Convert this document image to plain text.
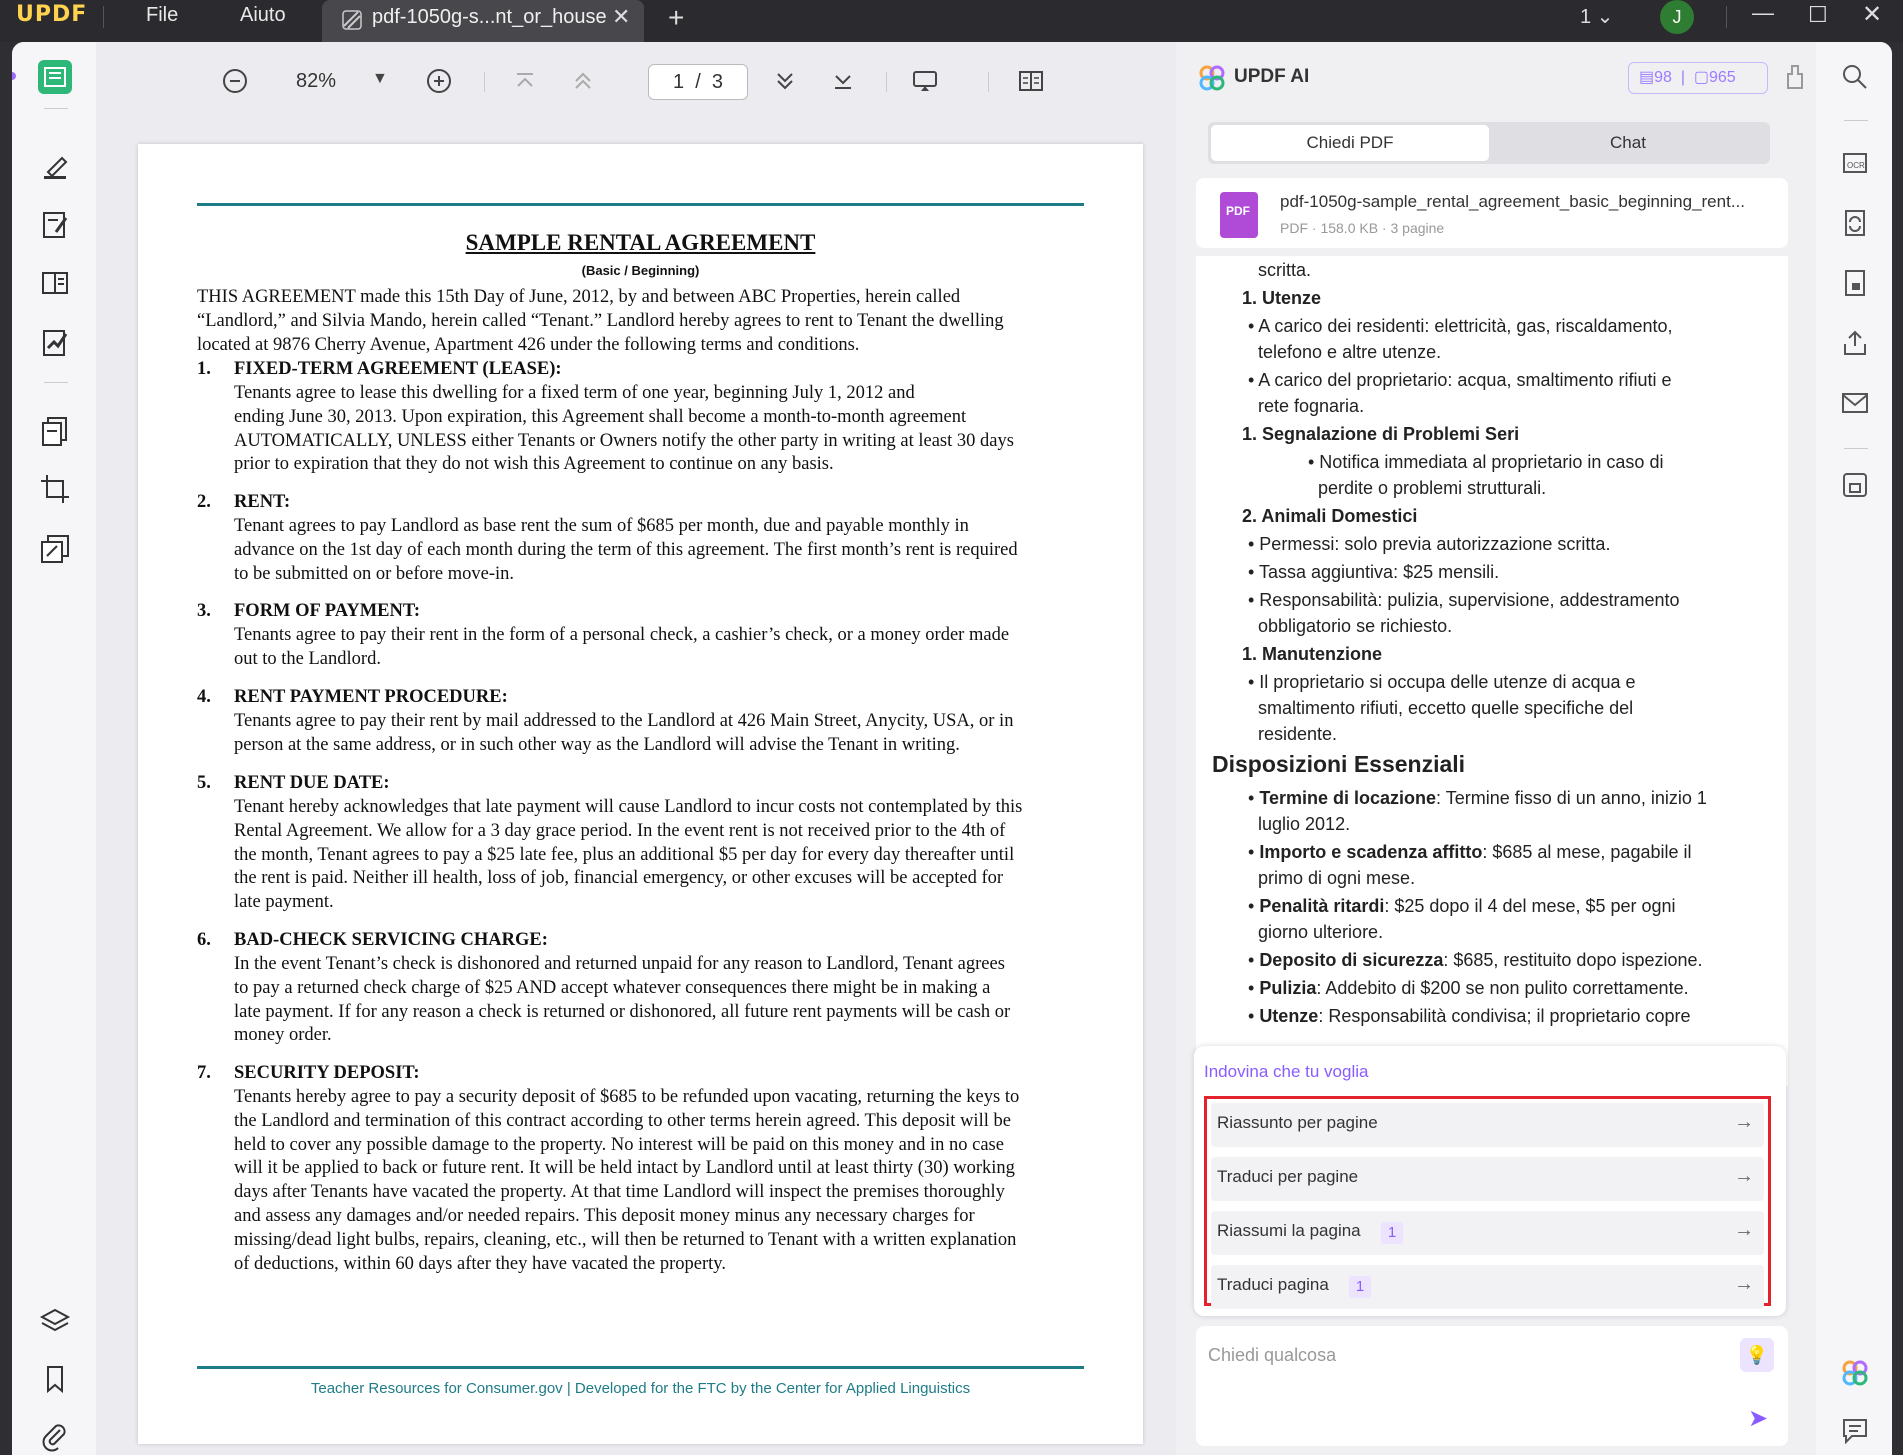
UPDF	File	Aiuto	pdf-1050g-s...nt_or_house ✕ +	1 ⌄	J	— ☐ ✕
82% ▼	1 / 3
SAMPLE RENTAL AGREEMENT
(Basic / Beginning)
THIS AGREEMENT made this 15th Day of June, 2012, by and between ABC Properties, herein called
“Landlord,” and Silvia Mando, herein called “Tenant.” Landlord hereby agrees to rent to Tenant the dwelling
located at 9876 Cherry Avenue, Apartment 426 under the following terms and conditions.
1. FIXED-TERM AGREEMENT (LEASE):
Tenants agree to lease this dwelling for a fixed term of one year, beginning July 1, 2012 and
ending June 30, 2013. Upon expiration, this Agreement shall become a month-to-month agreement
AUTOMATICALLY, UNLESS either Tenants or Owners notify the other party in writing at least 30 days
prior to expiration that they do not wish this Agreement to continue on any basis.
2. RENT:
Tenant agrees to pay Landlord as base rent the sum of $685 per month, due and payable monthly in
advance on the 1st day of each month during the term of this agreement. The first month’s rent is required
to be submitted on or before move-in.
3. FORM OF PAYMENT:
Tenants agree to pay their rent in the form of a personal check, a cashier’s check, or a money order made
out to the Landlord.
4. RENT PAYMENT PROCEDURE:
Tenants agree to pay their rent by mail addressed to the Landlord at 426 Main Street, Anycity, USA, or in
person at the same address, or in such other way as the Landlord will advise the Tenant in writing.
5. RENT DUE DATE:
Tenant hereby acknowledges that late payment will cause Landlord to incur costs not contemplated by this
Rental Agreement. We allow for a 3 day grace period. In the event rent is not received prior to the 4th of
the month, Tenant agrees to pay a $25 late fee, plus an additional $5 per day for every day thereafter until
the rent is paid. Neither ill health, loss of job, financial emergency, or other excuses will be accepted for
late payment.
6. BAD-CHECK SERVICING CHARGE:
In the event Tenant’s check is dishonored and returned unpaid for any reason to Landlord, Tenant agrees
to pay a returned check charge of $25 AND accept whatever consequences there might be in making a
late payment. If for any reason a check is returned or dishonored, all future rent payments will be cash or
money order.
7. SECURITY DEPOSIT:
Tenants hereby agree to pay a security deposit of $685 to be refunded upon vacating, returning the keys to
the Landlord and termination of this contract according to other terms herein agreed. This deposit will be
held to cover any possible damage to the property. No interest will be paid on this money and in no case
will it be applied to back or future rent. It will be held intact by Landlord until at least thirty (30) working
days after Tenants have vacated the property. At that time Landlord will inspect the premises thoroughly
and assess any damages and/or needed repairs. This deposit money minus any necessary charges for
missing/dead light bulbs, repairs, cleaning, etc., will then be returned to Tenant with a written explanation
of deductions, within 60 days after they have vacated the property.
Teacher Resources for Consumer.gov | Developed for the FTC by the Center for Applied Linguistics
UPDF AI	▤98  |  ▢965
Chiedi PDF	Chat
PDF pdf-1050g-sample_rental_agreement_basic_beginning_rent...
PDF · 158.0 KB · 3 pagine
scritta.
1. Utenze
• A carico dei residenti: elettricità, gas, riscaldamento,
telefono e altre utenze.
• A carico del proprietario: acqua, smaltimento rifiuti e
rete fognaria.
1. Segnalazione di Problemi Seri
• Notifica immediata al proprietario in caso di
perdite o problemi strutturali.
2. Animali Domestici
• Permessi: solo previa autorizzazione scritta.
• Tassa aggiuntiva: $25 mensili.
• Responsabilità: pulizia, supervisione, addestramento
obbligatorio se richiesto.
1. Manutenzione
• Il proprietario si occupa delle utenze di acqua e
smaltimento rifiuti, eccetto quelle specifiche del
residente.
Disposizioni Essenziali
• Termine di locazione: Termine fisso di un anno, inizio 1
luglio 2012.
• Importo e scadenza affitto: $685 al mese, pagabile il
primo di ogni mese.
• Penalità ritardi: $25 dopo il 4 del mese, $5 per ogni
giorno ulteriore.
• Deposito di sicurezza: $685, restituito dopo ispezione.
• Pulizia: Addebito di $200 se non pulito correttamente.
• Utenze: Responsabilità condivisa; il proprietario copre
Indovina che tu voglia
Riassunto per pagine	→
Traduci per pagine	→
Riassumi la pagina	1	→
Traduci pagina	1	→
Chiedi qualcosa
💡
➤
OCR
